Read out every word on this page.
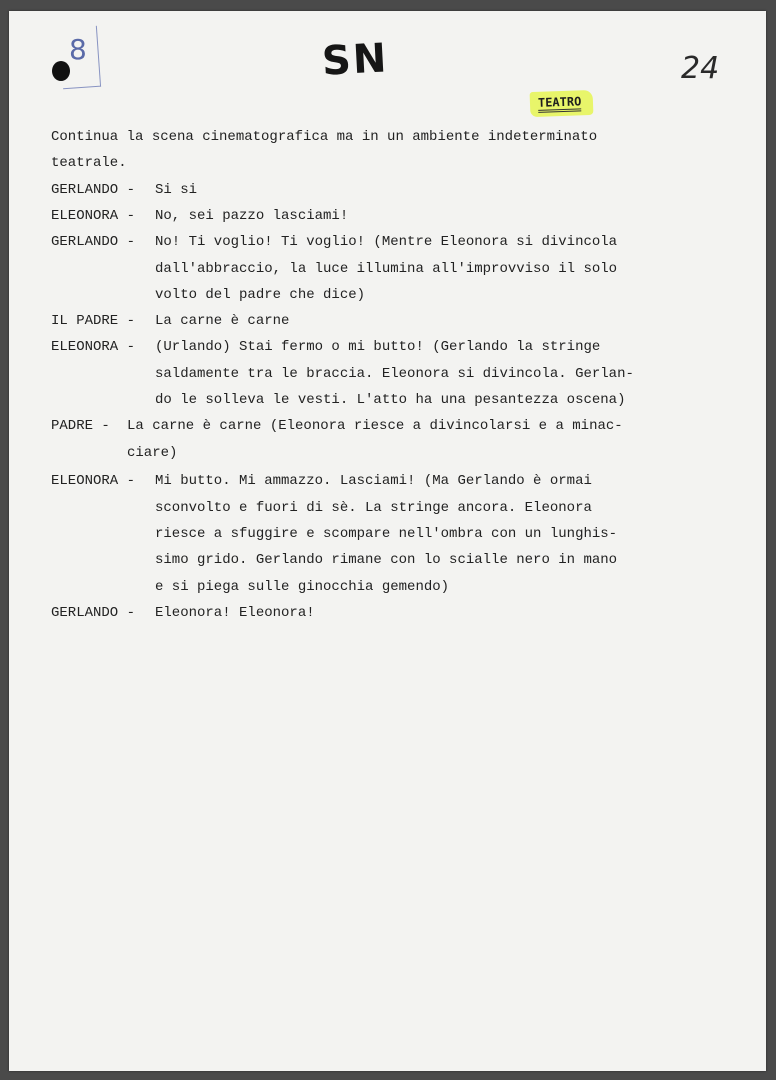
8	SN	24
TEATRO
Continua la scena cinematografica ma in un ambiente indeterminato
teatrale.
GERLANDO - Si si
ELEONORA - No, sei pazzo lasciami!
GERLANDO - No! Ti voglio! Ti voglio! (Mentre Eleonora si divincola
dall'abbraccio, la luce illumina all'improvviso il solo
volto del padre che dice)
IL PADRE - La carne è carne
ELEONORA - (Urlando) Stai fermo o mi butto! (Gerlando la stringe
saldamente tra le braccia. Eleonora si divincola. Gerlan-
do le solleva le vesti. L'atto ha una pesantezza oscena)
PADRE - La carne è carne (Eleonora riesce a divincolarsi e a minac-
ciare)
ELEONORA - Mi butto. Mi ammazzo. Lasciami! (Ma Gerlando è ormai
sconvolto e fuori di sè. La stringe ancora. Eleonora
riesce a sfuggire e scompare nell'ombra con un lunghis-
simo grido. Gerlando rimane con lo scialle nero in mano
e si piega sulle ginocchia gemendo)
GERLANDO - Eleonora! Eleonora!
